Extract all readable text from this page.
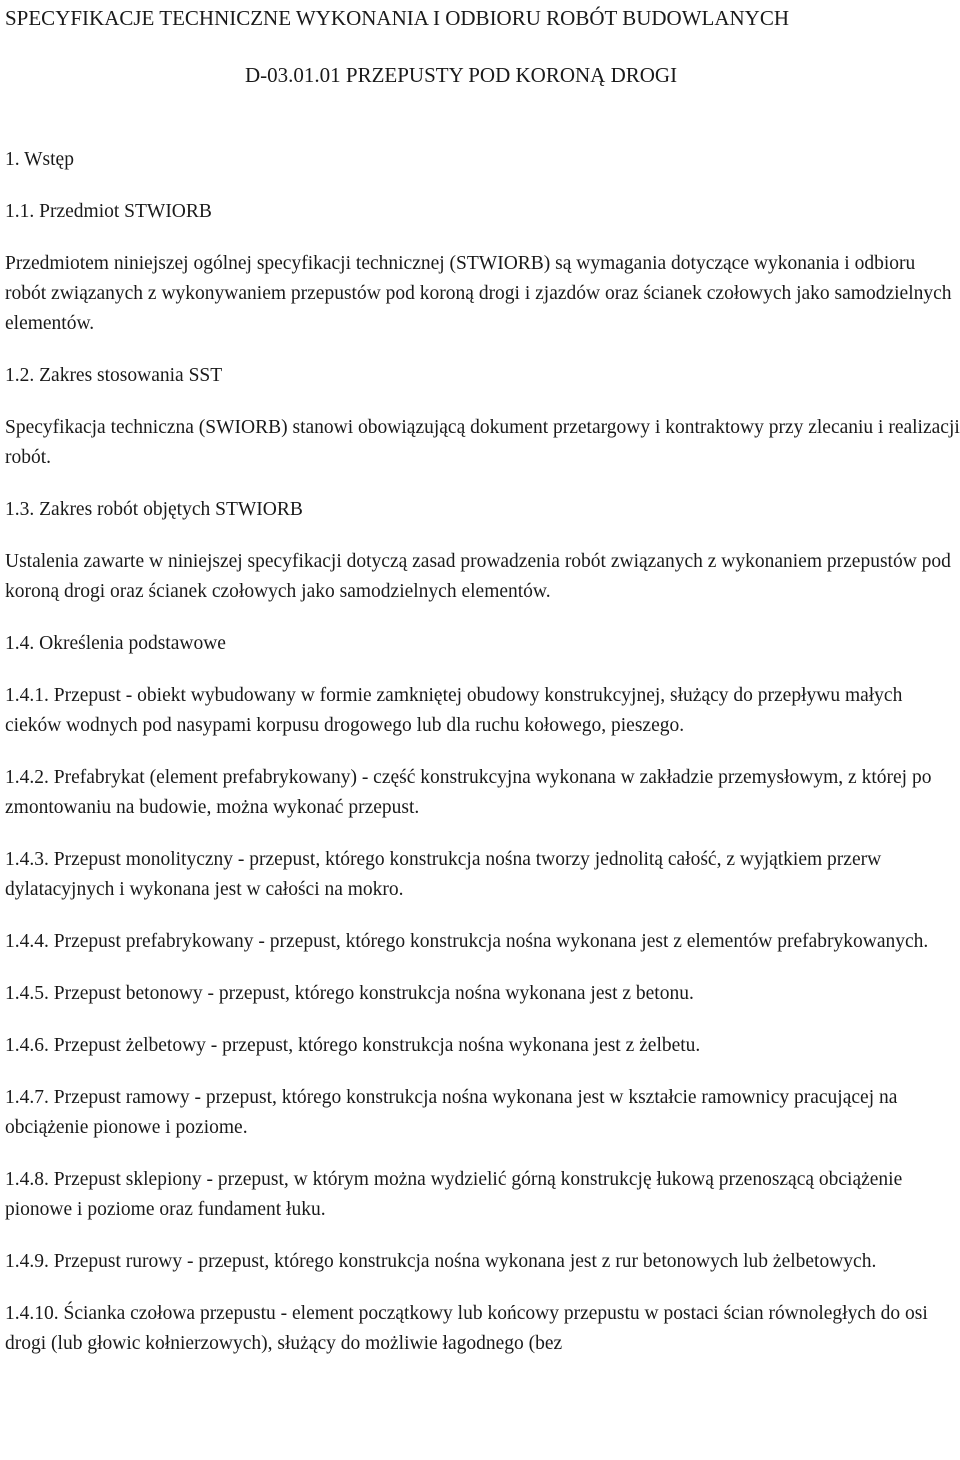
SPECYFIKACJE TECHNICZNE WYKONANIA I ODBIORU ROBÓT BUDOWLANYCH
D-03.01.01 PRZEPUSTY POD KORONĄ DROGI

1. Wstęp

1.1. Przedmiot STWIORB

Przedmiotem niniejszej ogólnej specyfikacji technicznej (STWIORB) są wymagania dotyczące wykonania i odbioru robót związanych z wykonywaniem przepustów pod koroną drogi i zjazdów oraz ścianek czołowych jako samodzielnych elementów.

1.2. Zakres stosowania SST

Specyfikacja techniczna (SWIORB) stanowi obowiązującą dokument przetargowy i kontraktowy przy zlecaniu i realizacji robót.

1.3. Zakres robót objętych STWIORB

Ustalenia zawarte w niniejszej specyfikacji dotyczą zasad prowadzenia robót związanych z wykonaniem przepustów pod koroną drogi oraz ścianek czołowych jako samodzielnych elementów.

1.4. Określenia podstawowe

1.4.1. Przepust - obiekt wybudowany w formie zamkniętej obudowy konstrukcyjnej, służący do przepływu małych cieków wodnych pod nasypami korpusu drogowego lub dla ruchu kołowego, pieszego.

1.4.2. Prefabrykat (element prefabrykowany) - część konstrukcyjna wykonana w zakładzie przemysłowym, z której po zmontowaniu na budowie, można wykonać przepust.

1.4.3. Przepust monolityczny - przepust, którego konstrukcja nośna tworzy jednolitą całość, z wyjątkiem przerw dylatacyjnych i wykonana jest w całości na mokro.

1.4.4. Przepust prefabrykowany - przepust, którego konstrukcja nośna wykonana jest z elementów prefabrykowanych.

1.4.5. Przepust betonowy - przepust, którego konstrukcja nośna wykonana jest z betonu.

1.4.6. Przepust żelbetowy - przepust, którego konstrukcja nośna wykonana jest z żelbetu.

1.4.7. Przepust ramowy - przepust, którego konstrukcja nośna wykonana jest w kształcie ramownicy pracującej na obciążenie pionowe i poziome.

1.4.8. Przepust sklepiony - przepust, w którym można wydzielić górną konstrukcję łukową przenoszącą obciążenie pionowe i poziome oraz fundament łuku.

1.4.9. Przepust rurowy - przepust, którego konstrukcja nośna wykonana jest z rur betonowych lub żelbetowych.

1.4.10. Ścianka czołowa przepustu - element początkowy lub końcowy przepustu w postaci ścian równoległych do osi drogi (lub głowic kołnierzowych), służący do możliwie łagodnego (bez
